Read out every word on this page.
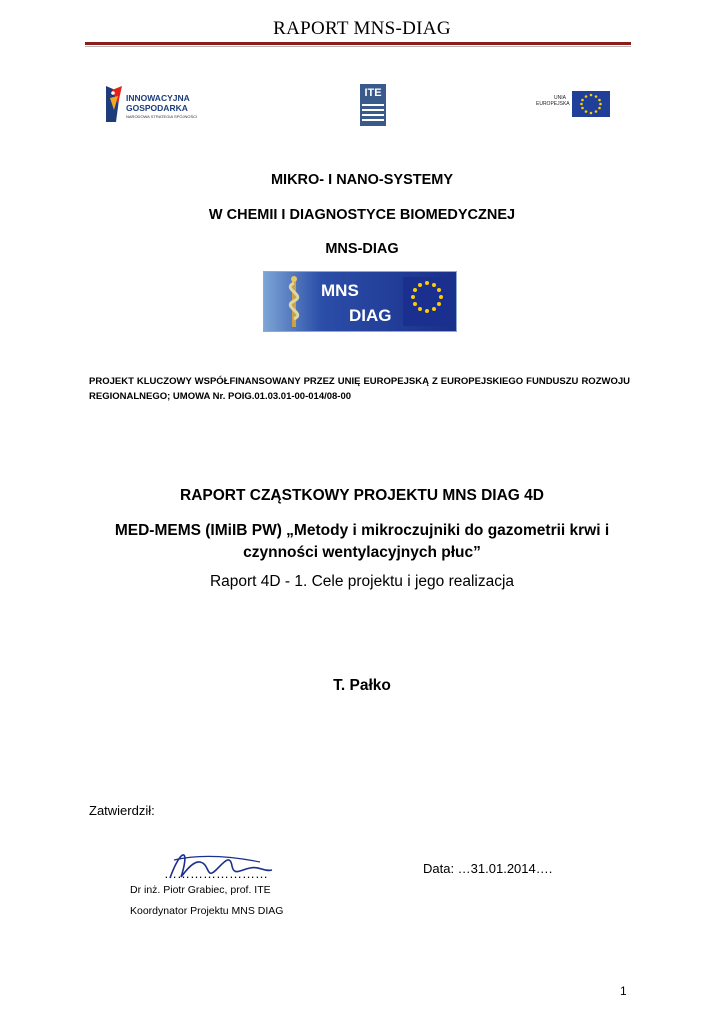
RAPORT MNS-DIAG
INNOWACYJNA
GOSPODARKA
NARODOWA STRATEGIA SPÓJNOŚCI
ITE	UNIA
EUROPEJSKA
MIKRO- I NANO-SYSTEMY
W CHEMII I DIAGNOSTYCE BIOMEDYCZNEJ
MNS-DIAG
MNS
DIAG
PROJEKT KLUCZOWY WSPÓŁFINANSOWANY PRZEZ UNIĘ EUROPEJSKĄ Z EUROPEJSKIEGO FUNDUSZU ROZWOJU REGIONALNEGO; UMOWA Nr. POIG.01.03.01-00-014/08-00
RAPORT CZĄSTKOWY PROJEKTU MNS DIAG 4D
MED-MEMS (IMiIB PW) „Metody i mikroczujniki do gazometrii krwi i czynności wentylacyjnych płuc”
Raport 4D - 1. Cele projektu i jego realizacja
T. Pałko
Zatwierdził:
……………………	Data: …31.01.2014….
Dr inż. Piotr Grabiec, prof. ITE
Koordynator Projektu MNS DIAG
1
